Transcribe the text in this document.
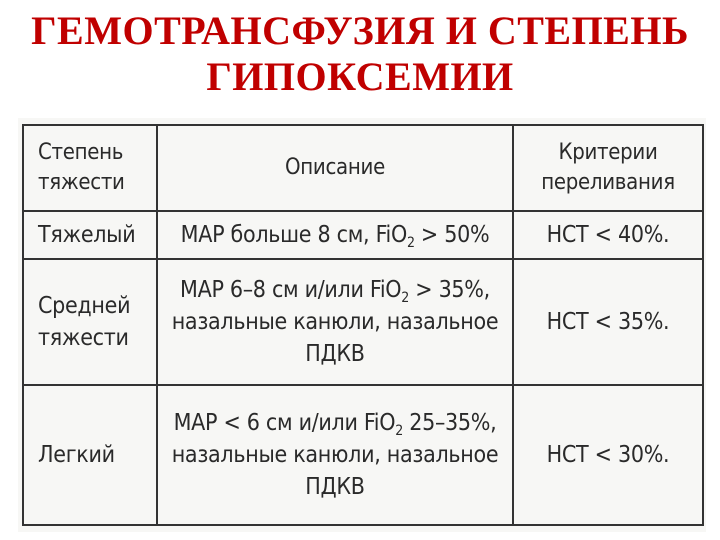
ГЕМОТРАНСФУЗИЯ И СТЕПЕНЬ
ГИПОКСЕМИИ
Степень тяжести	Описание	Критерии переливания
Тяжелый	MAP больше 8 см, FiO$_2$ > 50%	HCT < 40%.
Средней тяжести	MAP 6–8 см и/или FiO$_2$ > 35%, назальные канюли, назальное ПДКВ	HCT < 35%.
Легкий	MAP < 6 см и/или FiO$_2$ 25–35%, назальные канюли, назальное ПДКВ	HCT < 30%.
